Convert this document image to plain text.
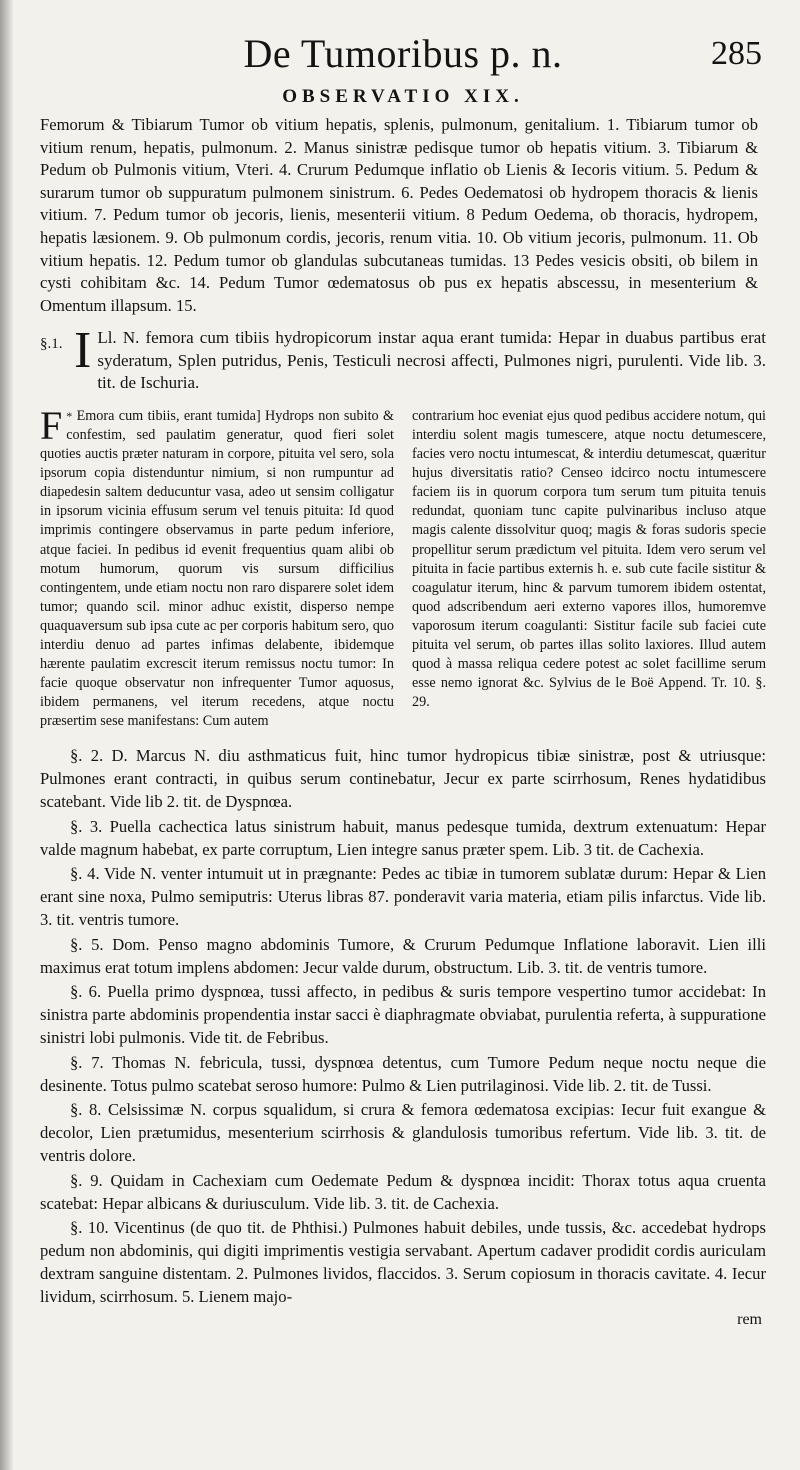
De Tumoribus p. n.	285
OBSERVATIO XIX.

Femorum & Tibiarum Tumor ob vitium hepatis, splenis, pulmonum, genitalium. 1. Tibiarum tumor ob vitium renum, hepatis, pulmonum. 2. Manus sinistræ pedisque tumor ob hepatis vitium. 3. Tibiarum & Pedum ob Pulmonis vitium, Vteri. 4. Crurum Pedumque inflatio ob Lienis & Iecoris vitium. 5. Pedum & surarum tumor ob suppuratum pulmonem sinistrum. 6. Pedes Oedematosi ob hydropem thoracis & lienis vitium. 7. Pedum tumor ob jecoris, lienis, mesenterii vitium. 8 Pedum Oedema, ob thoracis, hydropem, hepatis læsionem. 9. Ob pulmonum cordis, jecoris, renum vitia. 10. Ob vitium jecoris, pulmonum. 11. Ob vitium hepatis. 12. Pedum tumor ob glandulas subcutaneas tumidas. 13 Pedes vesicis obsiti, ob bilem in cysti cohibitam &c. 14. Pedum Tumor œdematosus ob pus ex hepatis abscessu, in mesenterium & Omentum illapsum. 15.

§.1. I Ll. N. femora cum tibiis hydropicorum instar aqua erant tumida: Hepar in duabus partibus erat syderatum, Splen putridus, Penis, Testiculi necrosi affecti, Pulmones nigri, purulenti. Vide lib. 3. tit. de Ischuria.

*
F Emora cum tibiis, erant tumida] Hydrops non subito & confestim, sed paulatim generatur, quod fieri solet quoties auctis præter naturam in corpore, pituita vel sero, sola ipsorum copia distenduntur nimium, si non rumpuntur ad diapedesin saltem deducuntur vasa, adeo ut sensim colligatur in ipsorum vicinia effusum serum vel tenuis pituita: Id quod imprimis contingere observamus in parte pedum inferiore, atque faciei. In pedibus id evenit frequentius quam alibi ob motum humorum, quorum vis sursum difficilius contingentem, unde etiam noctu non raro disparere solet idem tumor; quando scil. minor adhuc existit, disperso nempe quaquaversum sub ipsa cute ac per corporis habitum sero, quo interdiu denuo ad partes infimas delabente, ibidemque hærente paulatim excrescit iterum remissus noctu tumor: In facie quoque observatur non infrequenter Tumor aquosus, ibidem permanens, vel iterum recedens, atque noctu præsertim sese manifestans: Cum autem

contrarium hoc eveniat ejus quod pedibus accidere notum, qui interdiu solent magis tumescere, atque noctu detumescere, facies vero noctu intumescat, & interdiu detumescat, quæritur hujus diversitatis ratio? Censeo idcirco noctu intumescere faciem iis in quorum corpora tum serum tum pituita tenuis redundat, quoniam tunc capite pulvinaribus incluso atque magis calente dissolvitur quoq; magis & foras sudoris specie propellitur serum prædictum vel pituita. Idem vero serum vel pituita in facie partibus externis h. e. sub cute facile sistitur & coagulatur iterum, hinc & parvum tumorem ibidem ostentat, quod adscribendum aeri externo vapores illos, humoremve vaporosum iterum coagulanti: Sistitur facile sub faciei cute pituita vel serum, ob partes illas solito laxiores. Illud autem quod à massa reliqua cedere potest ac solet facillime serum esse nemo ignorat &c. Sylvius de le Boë Append. Tr. 10. §. 29.

§. 2. D. Marcus N. diu asthmaticus fuit, hinc tumor hydropicus tibiæ sinistræ, post & utriusque: Pulmones erant contracti, in quibus serum continebatur, Jecur ex parte scirrhosum, Renes hydatidibus scatebant. Vide lib 2. tit. de Dyspnœa.

§. 3. Puella cachectica latus sinistrum habuit, manus pedesque tumida, dextrum extenuatum: Hepar valde magnum habebat, ex parte corruptum, Lien integre sanus præter spem. Lib. 3 tit. de Cachexia.

§. 4. Vide N. venter intumuit ut in prægnante: Pedes ac tibiæ in tumorem sublatæ durum: Hepar & Lien erant sine noxa, Pulmo semiputris: Uterus libras 87. ponderavit varia materia, etiam pilis infarctus. Vide lib. 3. tit. ventris tumore.

§. 5. Dom. Penso magno abdominis Tumore, & Crurum Pedumque Inflatione laboravit. Lien illi maximus erat totum implens abdomen: Jecur valde durum, obstructum. Lib. 3. tit. de ventris tumore.

§. 6. Puella primo dyspnœa, tussi affecto, in pedibus & suris tempore vespertino tumor accidebat: In sinistra parte abdominis propendentia instar sacci è diaphragmate obviabat, purulentia referta, à suppuratione sinistri lobi pulmonis. Vide tit. de Febribus.

§. 7. Thomas N. febricula, tussi, dyspnœa detentus, cum Tumore Pedum neque noctu neque die desinente. Totus pulmo scatebat seroso humore: Pulmo & Lien putrilaginosi. Vide lib. 2. tit. de Tussi.

§. 8. Celsissimæ N. corpus squalidum, si crura & femora œdematosa excipias: Iecur fuit exangue & decolor, Lien prætumidus, mesenterium scirrhosis & glandulosis tumoribus refertum. Vide lib. 3. tit. de ventris dolore.

§. 9. Quidam in Cachexiam cum Oedemate Pedum & dyspnœa incidit: Thorax totus aqua cruenta scatebat: Hepar albicans & duriusculum. Vide lib. 3. tit. de Cachexia.

§. 10. Vicentinus (de quo tit. de Phthisi.) Pulmones habuit debiles, unde tussis, &c. accedebat hydrops pedum non abdominis, qui digiti imprimentis vestigia servabant. Apertum cadaver prodidit cordis auriculam dextram sanguine distentam. 2. Pulmones lividos, flaccidos. 3. Serum copiosum in thoracis cavitate. 4. Iecur lividum, scirrhosum. 5. Lienem majo-

rem
